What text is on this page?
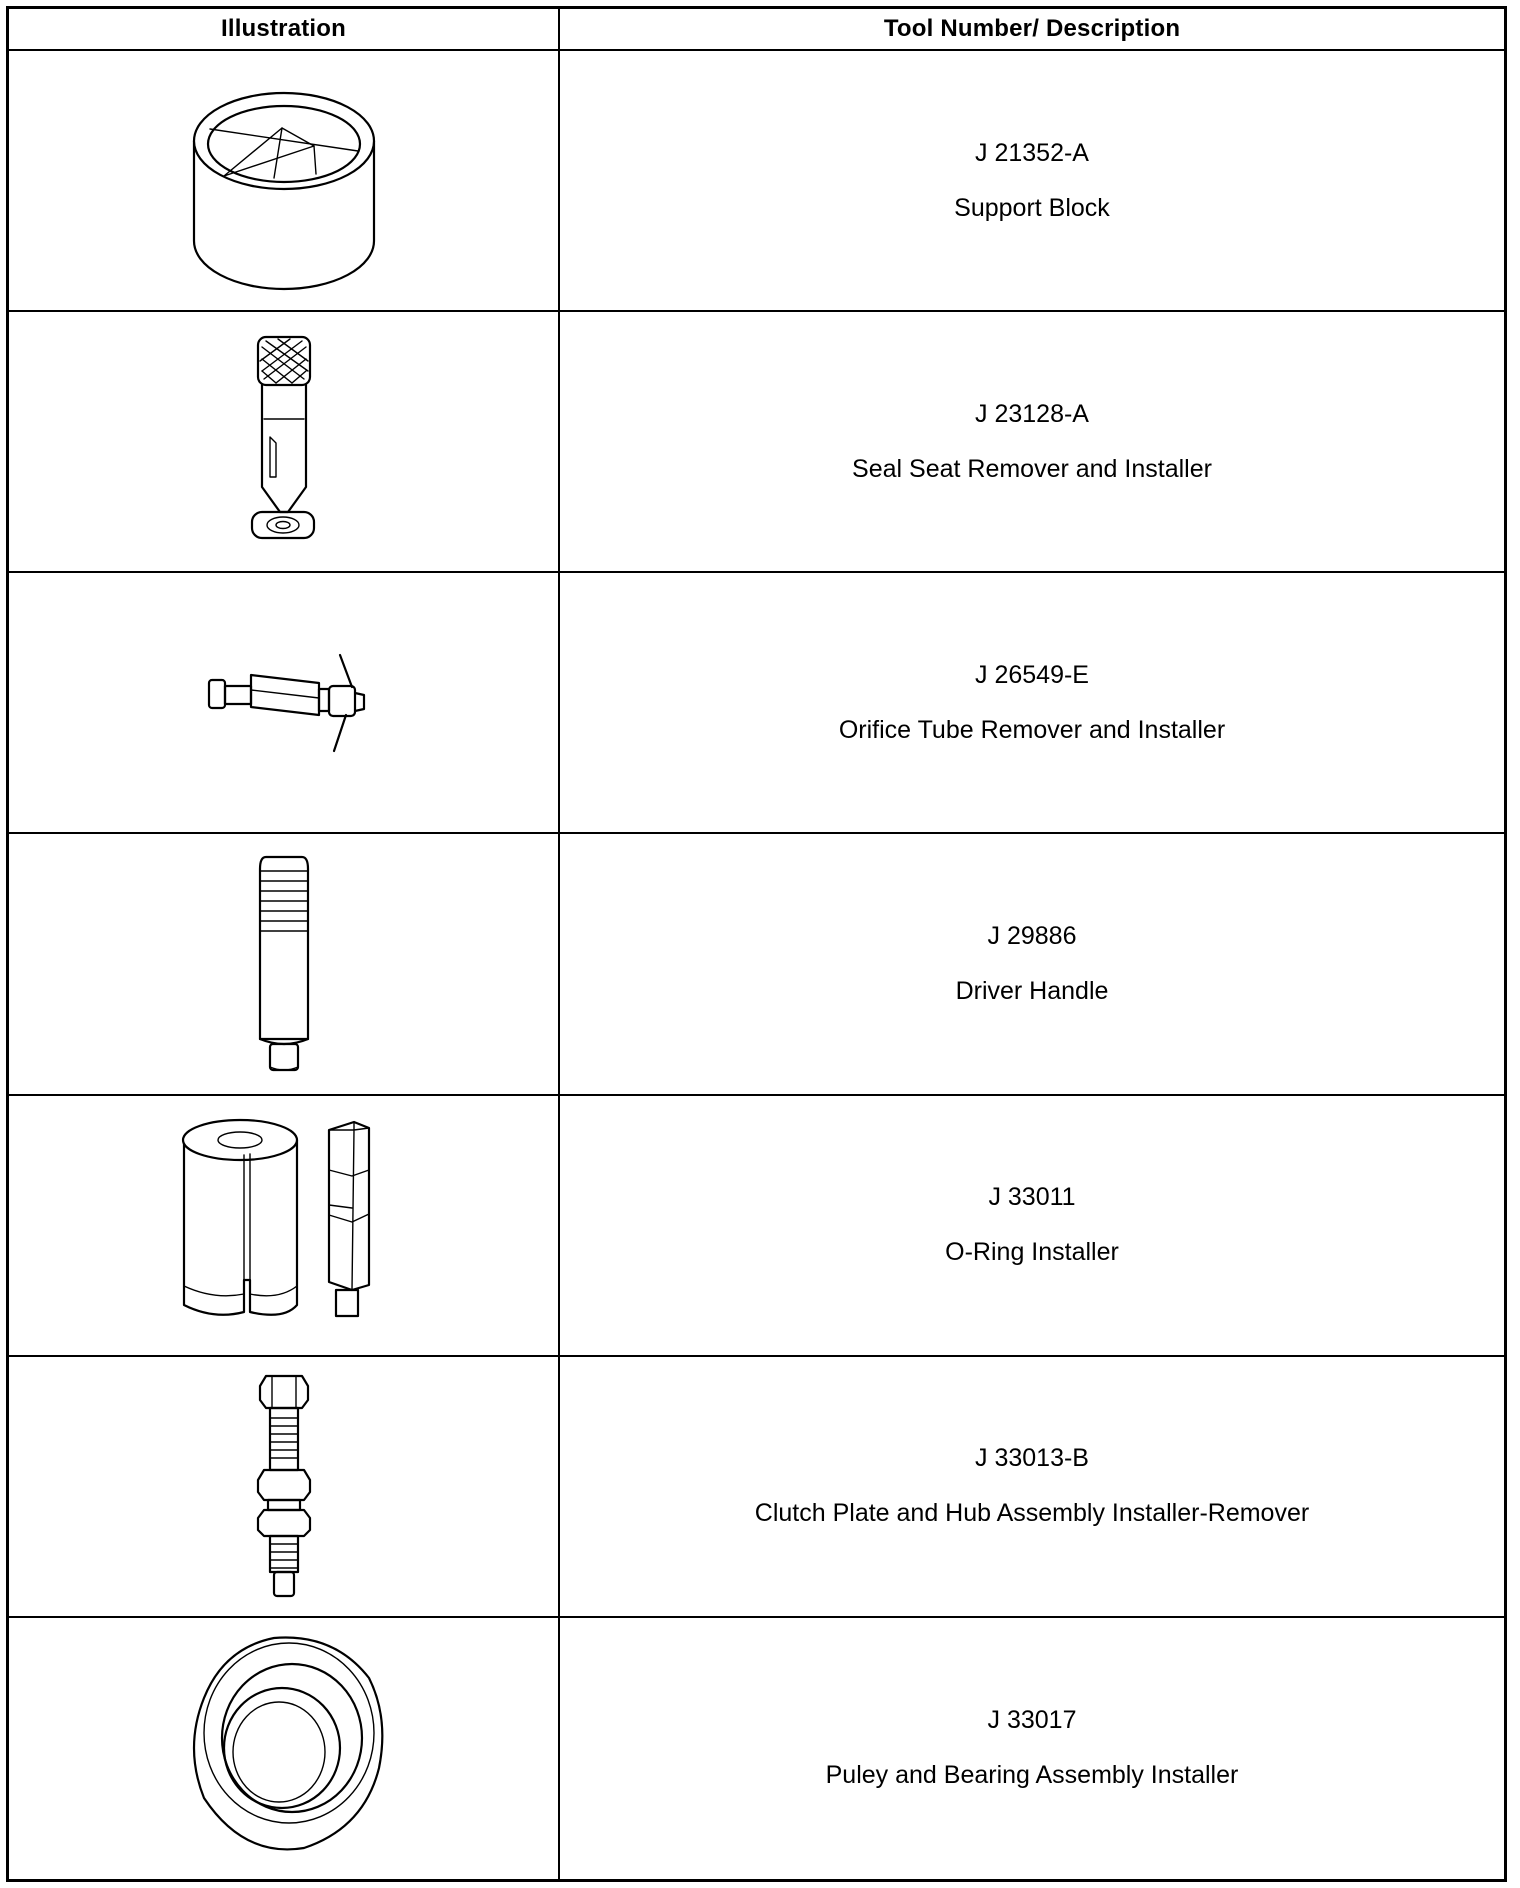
Illustration	Tool Number/ Description
J 21352-A
Support Block
J 23128-A
Seal Seat Remover and Installer
J 26549-E
Orifice Tube Remover and Installer
J 29886
Driver Handle
J 33011
O-Ring Installer
J 33013-B
Clutch Plate and Hub Assembly Installer-Remover
J 33017
Puley and Bearing Assembly Installer
